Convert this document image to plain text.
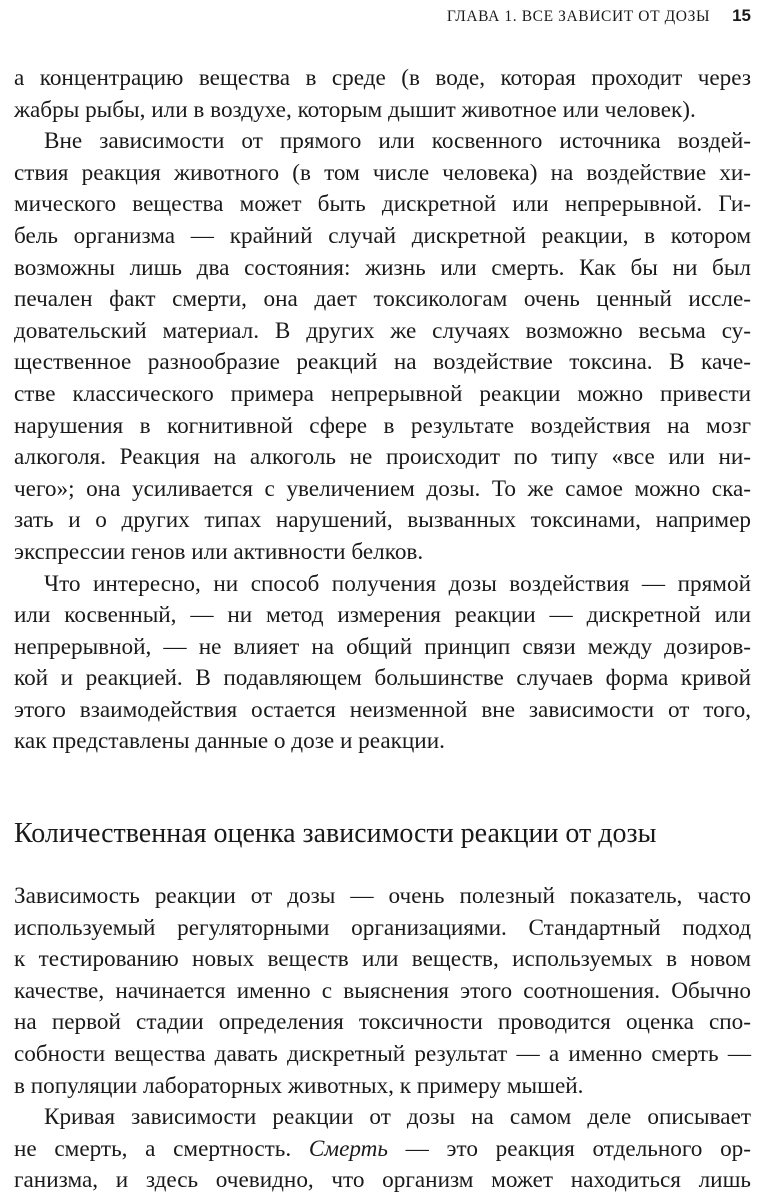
ГЛАВА 1. ВСЕ ЗАВИСИТ ОТ ДОЗЫ 15
а концентрацию вещества в среде (в воде, которая проходит через
жабры рыбы, или в воздухе, которым дышит животное или человек).
Вне зависимости от прямого или косвенного источника воздей-
ствия реакция животного (в том числе человека) на воздействие хи-
мического вещества может быть дискретной или непрерывной. Ги-
бель организма — крайний случай дискретной реакции, в котором
возможны лишь два состояния: жизнь или смерть. Как бы ни был
печален факт смерти, она дает токсикологам очень ценный иссле-
довательский материал. В других же случаях возможно весьма су-
щественное разнообразие реакций на воздействие токсина. В каче-
стве классического примера непрерывной реакции можно привести
нарушения в когнитивной сфере в результате воздействия на мозг
алкоголя. Реакция на алкоголь не происходит по типу «все или ни-
чего»; она усиливается с увеличением дозы. То же самое можно ска-
зать и о других типах нарушений, вызванных токсинами, например
экспрессии генов или активности белков.
Что интересно, ни способ получения дозы воздействия — прямой
или косвенный, — ни метод измерения реакции — дискретной или
непрерывной, — не влияет на общий принцип связи между дозиров-
кой и реакцией. В подавляющем большинстве случаев форма кривой
этого взаимодействия остается неизменной вне зависимости от того,
как представлены данные о дозе и реакции.
Количественная оценка зависимости реакции от дозы
Зависимость реакции от дозы — очень полезный показатель, часто
используемый регуляторными организациями. Стандартный подход
к тестированию новых веществ или веществ, используемых в новом
качестве, начинается именно с выяснения этого соотношения. Обычно
на первой стадии определения токсичности проводится оценка спо-
собности вещества давать дискретный результат — а именно смерть —
в популяции лабораторных животных, к примеру мышей.
Кривая зависимости реакции от дозы на самом деле описывает
не смерть, а смертность. Смерть — это реакция отдельного ор-
ганизма, и здесь очевидно, что организм может находиться лишь
